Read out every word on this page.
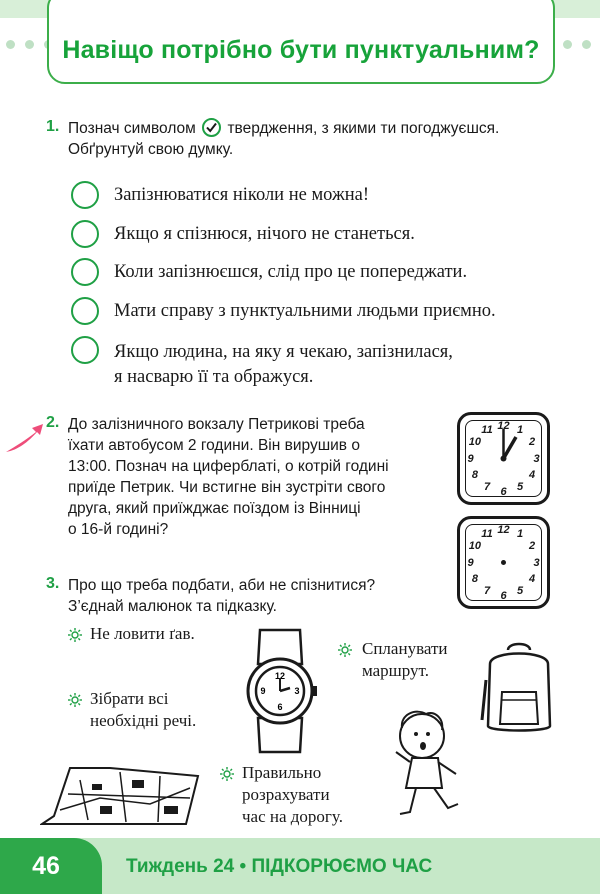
Навіщо потрібно бути пунктуальним?
1. Познач символом твердження, з якими ти погоджуєшся.
Обґрунтуй свою думку.
Запізнюватися ніколи не можна!
Якщо я спізнюся, нічого не станеться.
Коли запізнюєшся, слід про це попереджати.
Мати справу з пунктуальними людьми приємно.
Якщо людина, на яку я чекаю, запізнилася,
я насварю її та ображуся.
2. До залізничного вокзалу Петрикові треба
їхати автобусом 2 години. Він вирушив о
13:00. Познач на циферблаті, о котрій годині
приїде Петрик. Чи встигне він зустріти свого
друга, який приїжджає поїздом із Вінниці
о 16-й годині?
12 1
2
3
4
5
6
7
8
9
10
11
12 1
2
3
4
5
6
7
8
9
10
11
3. Про що треба подбати, аби не спізнитися?
З’єднай малюнок та підказку.
Не ловити ґав.
Зібрати всі
необхідні речі.
Спланувати
маршрут.
Правильно
розрахувати
час на дорогу.
12
3
6
9
46	Тиждень 24 • ПІДКОРЮЄМО ЧАС
